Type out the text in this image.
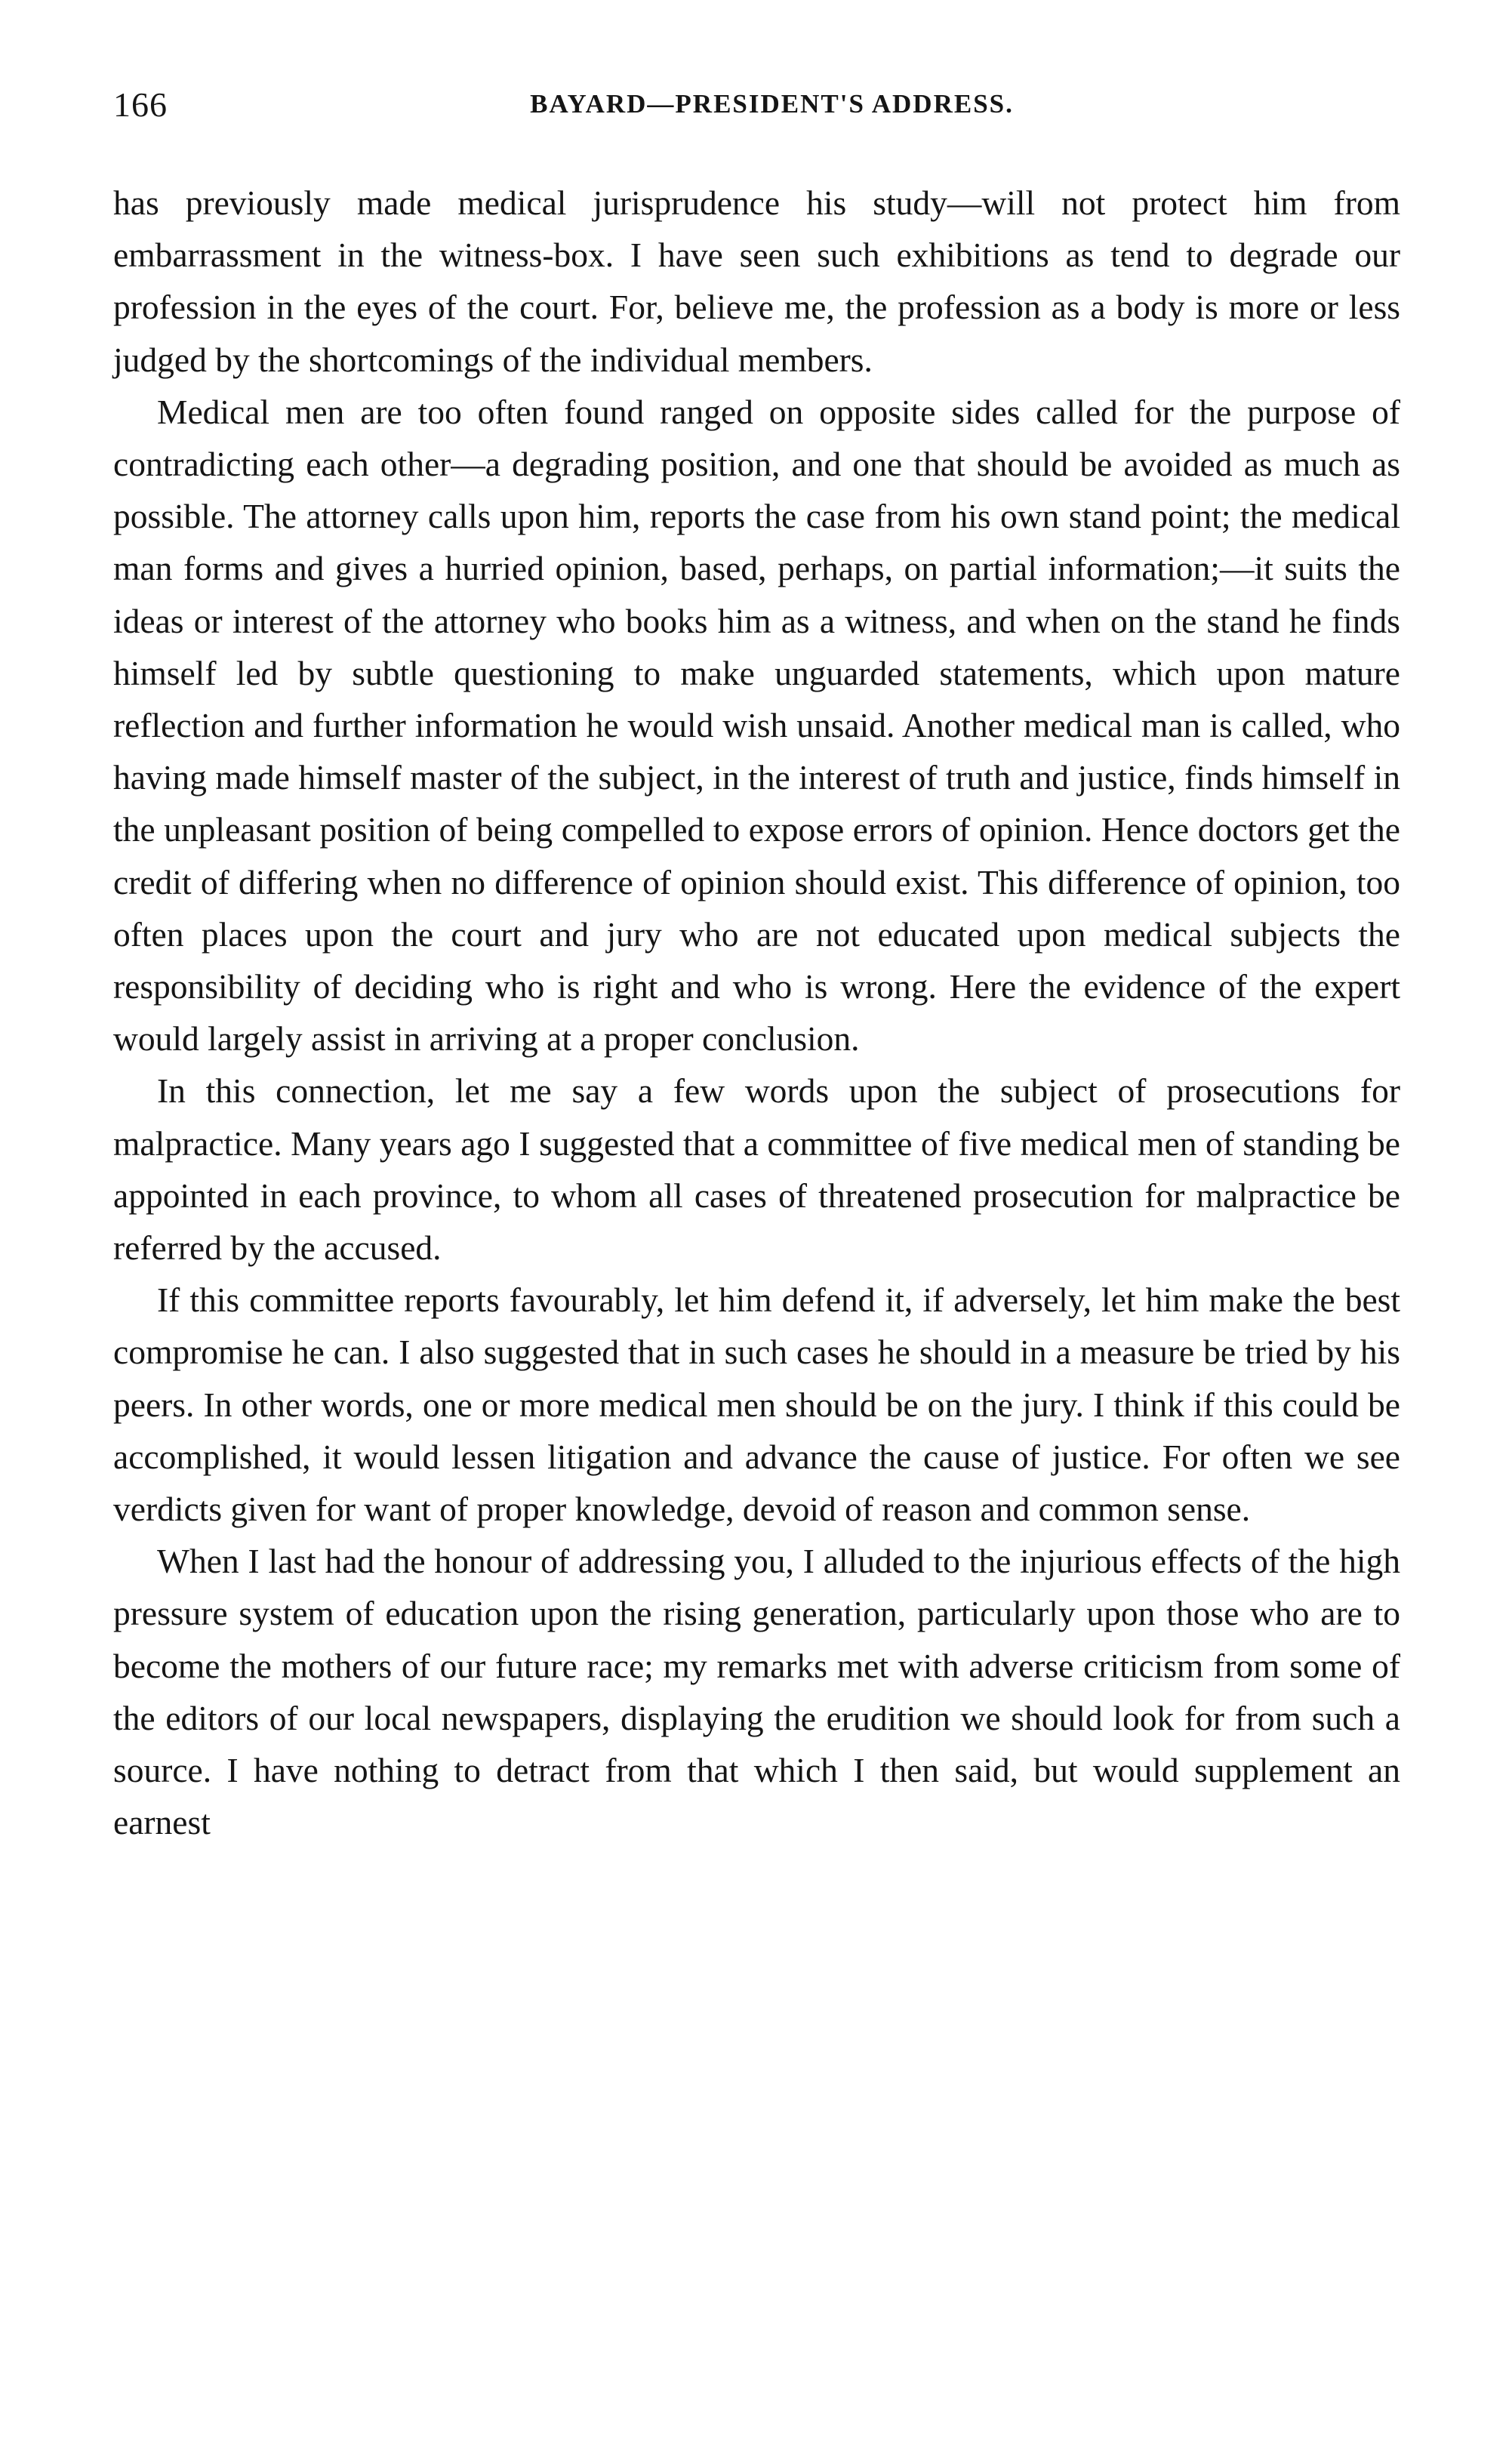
166	BAYARD—PRESIDENT'S ADDRESS.

has previously made medical jurisprudence his study—will not protect him from embarrassment in the witness-box. I have seen such exhibitions as tend to degrade our profession in the eyes of the court. For, believe me, the profession as a body is more or less judged by the shortcomings of the individual members.

Medical men are too often found ranged on opposite sides called for the purpose of contradicting each other—a degrading position, and one that should be avoided as much as possible. The attorney calls upon him, reports the case from his own stand point; the medical man forms and gives a hurried opinion, based, perhaps, on partial information;—it suits the ideas or interest of the attorney who books him as a witness, and when on the stand he finds himself led by subtle questioning to make unguarded statements, which upon mature reflection and further information he would wish unsaid. Another medical man is called, who having made himself master of the subject, in the interest of truth and justice, finds himself in the unpleasant position of being compelled to expose errors of opinion. Hence doctors get the credit of differing when no difference of opinion should exist. This difference of opinion, too often places upon the court and jury who are not educated upon medical subjects the responsibility of deciding who is right and who is wrong. Here the evidence of the expert would largely assist in arriving at a proper conclusion.

In this connection, let me say a few words upon the subject of prosecutions for malpractice. Many years ago I suggested that a committee of five medical men of standing be appointed in each province, to whom all cases of threatened prosecution for malpractice be referred by the accused.

If this committee reports favourably, let him defend it, if adversely, let him make the best compromise he can. I also suggested that in such cases he should in a measure be tried by his peers. In other words, one or more medical men should be on the jury. I think if this could be accomplished, it would lessen litigation and advance the cause of justice. For often we see verdicts given for want of proper knowledge, devoid of reason and common sense.

When I last had the honour of addressing you, I alluded to the injurious effects of the high pressure system of education upon the rising generation, particularly upon those who are to become the mothers of our future race; my remarks met with adverse criticism from some of the editors of our local newspapers, displaying the erudition we should look for from such a source. I have nothing to detract from that which I then said, but would supplement an earnest
